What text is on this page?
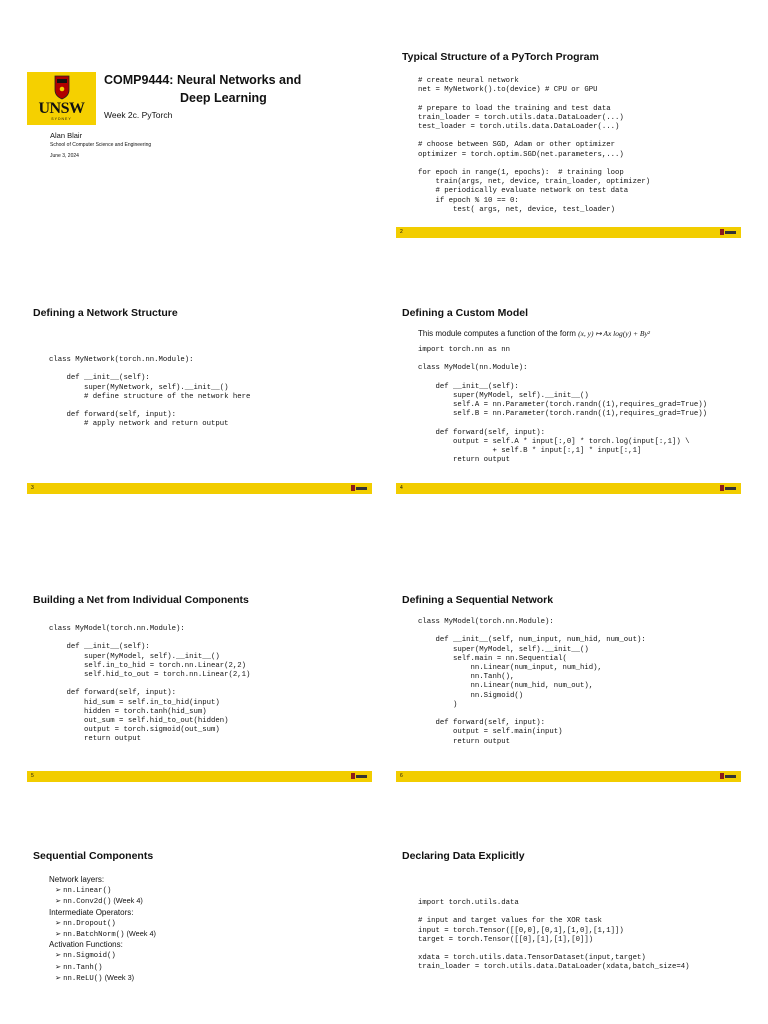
UNSW
SYDNEY
COMP9444: Neural Networks and
Deep Learning
Week 2c. PyTorch
Alan Blair
School of Computer Science and Engineering
June 3, 2024
Typical Structure of a PyTorch Program
# create neural network
net = MyNetwork().to(device) # CPU or GPU

# prepare to load the training and test data
train_loader = torch.utils.data.DataLoader(...)
test_loader = torch.utils.data.DataLoader(...)

# choose between SGD, Adam or other optimizer
optimizer = torch.optim.SGD(net.parameters,...)

for epoch in range(1, epochs):  # training loop
train(args, net, device, train_loader, optimizer)
# periodically evaluate network on test data
if epoch % 10 == 0:
test( args, net, device, test_loader)
2
Defining a Network Structure
class MyNetwork(torch.nn.Module):

def __init__(self):
super(MyNetwork, self).__init__()
# define structure of the network here

def forward(self, input):
# apply network and return output
3
Defining a Custom Model
This module computes a function of the form (x, y) ↦ Ax log(y) + By²
import torch.nn as nn

class MyModel(nn.Module):

def __init__(self):
super(MyModel, self).__init__()
self.A = nn.Parameter(torch.randn((1),requires_grad=True))
self.B = nn.Parameter(torch.randn((1),requires_grad=True))

def forward(self, input):
output = self.A * input[:,0] * torch.log(input[:,1]) \
+ self.B * input[:,1] * input[:,1]
return output
4
Building a Net from Individual Components
class MyModel(torch.nn.Module):

def __init__(self):
super(MyModel, self).__init__()
self.in_to_hid = torch.nn.Linear(2,2)
self.hid_to_out = torch.nn.Linear(2,1)

def forward(self, input):
hid_sum = self.in_to_hid(input)
hidden = torch.tanh(hid_sum)
out_sum = self.hid_to_out(hidden)
output = torch.sigmoid(out_sum)
return output
5
Defining a Sequential Network
class MyModel(torch.nn.Module):

def __init__(self, num_input, num_hid, num_out):
super(MyModel, self).__init__()
self.main = nn.Sequential(
nn.Linear(num_input, num_hid),
nn.Tanh(),
nn.Linear(num_hid, num_out),
nn.Sigmoid()
)

def forward(self, input):
output = self.main(input)
return output
6
Sequential Components
Network layers:
➢ nn.Linear()
➢ nn.Conv2d() (Week 4)
Intermediate Operators:
➢ nn.Dropout()
➢ nn.BatchNorm() (Week 4)
Activation Functions:
➢ nn.Sigmoid()
➢ nn.Tanh()
➢ nn.ReLU() (Week 3)
Declaring Data Explicitly
import torch.utils.data

# input and target values for the XOR task
input = torch.Tensor([[0,0],[0,1],[1,0],[1,1]])
target = torch.Tensor([[0],[1],[1],[0]])

xdata = torch.utils.data.TensorDataset(input,target)
train_loader = torch.utils.data.DataLoader(xdata,batch_size=4)
